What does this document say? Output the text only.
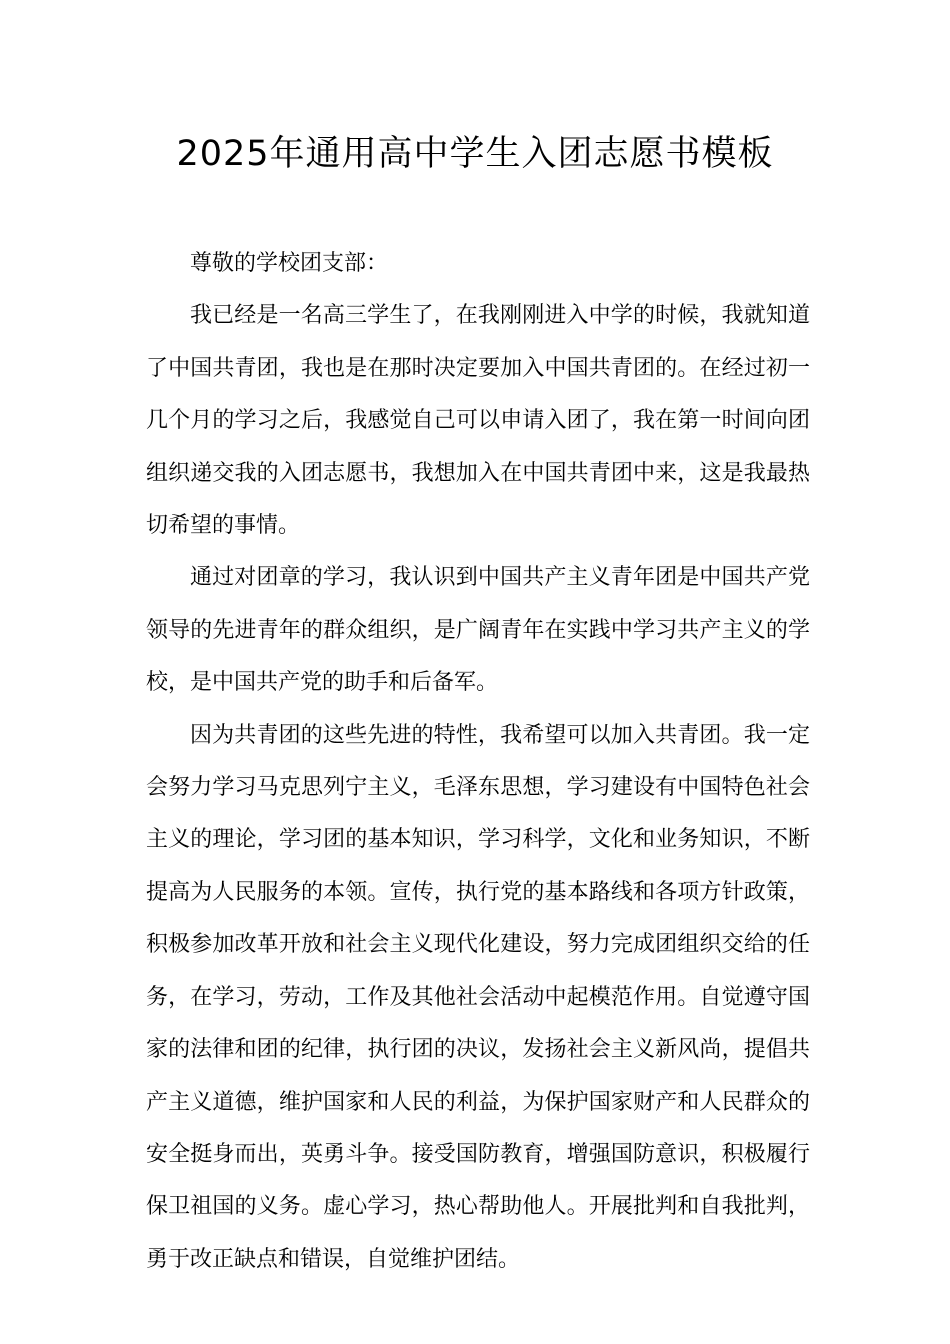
2025年通用高中学生入团志愿书模板

尊敬的学校团支部：

我已经是一名高三学生了，在我刚刚进入中学的时候，我就知道了中国共青团，我也是在那时决定要加入中国共青团的。在经过初一几个月的学习之后，我感觉自己可以申请入团了，我在第一时间向团组织递交我的入团志愿书，我想加入在中国共青团中来，这是我最热切希望的事情。

通过对团章的学习，我认识到中国共产主义青年团是中国共产党领导的先进青年的群众组织，是广阔青年在实践中学习共产主义的学校，是中国共产党的助手和后备军。

因为共青团的这些先进的特性，我希望可以加入共青团。我一定会努力学习马克思列宁主义，毛泽东思想，学习建设有中国特色社会主义的理论，学习团的基本知识，学习科学，文化和业务知识，不断提高为人民服务的本领。宣传，执行党的基本路线和各项方针政策，积极参加改革开放和社会主义现代化建设，努力完成团组织交给的任务，在学习，劳动，工作及其他社会活动中起模范作用。自觉遵守国家的法律和团的纪律，执行团的决议，发扬社会主义新风尚，提倡共产主义道德，维护国家和人民的利益，为保护国家财产和人民群众的安全挺身而出，英勇斗争。接受国防教育，增强国防意识，积极履行保卫祖国的义务。虚心学习，热心帮助他人。开展批判和自我批判，勇于改正缺点和错误，自觉维护团结。
